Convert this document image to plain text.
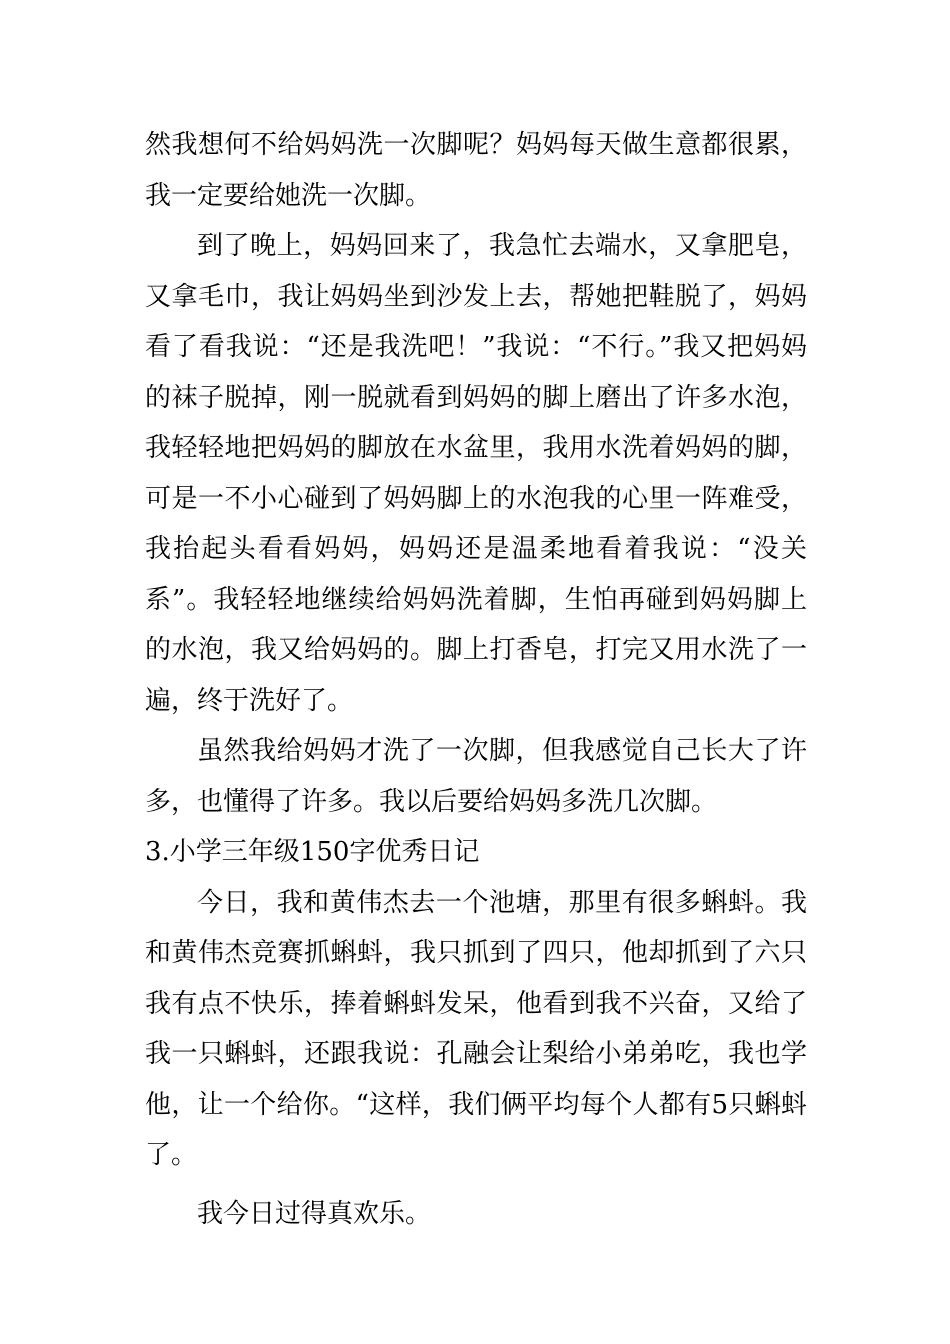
然我想何不给妈妈洗一次脚呢？妈妈每天做生意都很累，我一定要给她洗一次脚。

到了晚上，妈妈回来了，我急忙去端水，又拿肥皂，又拿毛巾，我让妈妈坐到沙发上去，帮她把鞋脱了，妈妈看了看我说：“还是我洗吧！”我说：“不行。”我又把妈妈的袜子脱掉，刚一脱就看到妈妈的脚上磨出了许多水泡，我轻轻地把妈妈的脚放在水盆里，我用水洗着妈妈的脚，可是一不小心碰到了妈妈脚上的水泡我的心里一阵难受，我抬起头看看妈妈，妈妈还是温柔地看着我说：“没关系”。我轻轻地继续给妈妈洗着脚，生怕再碰到妈妈脚上的水泡，我又给妈妈的。脚上打香皂，打完又用水洗了一遍，终于洗好了。

虽然我给妈妈才洗了一次脚，但我感觉自己长大了许多，也懂得了许多。我以后要给妈妈多洗几次脚。

3.小学三年级150字优秀日记

今日，我和黄伟杰去一个池塘，那里有很多蝌蚪。我和黄伟杰竞赛抓蝌蚪，我只抓到了四只，他却抓到了六只我有点不快乐，捧着蝌蚪发呆，他看到我不兴奋，又给了我一只蝌蚪，还跟我说：孔融会让梨给小弟弟吃，我也学他，让一个给你。“这样，我们俩平均每个人都有5只蝌蚪了。

我今日过得真欢乐。
